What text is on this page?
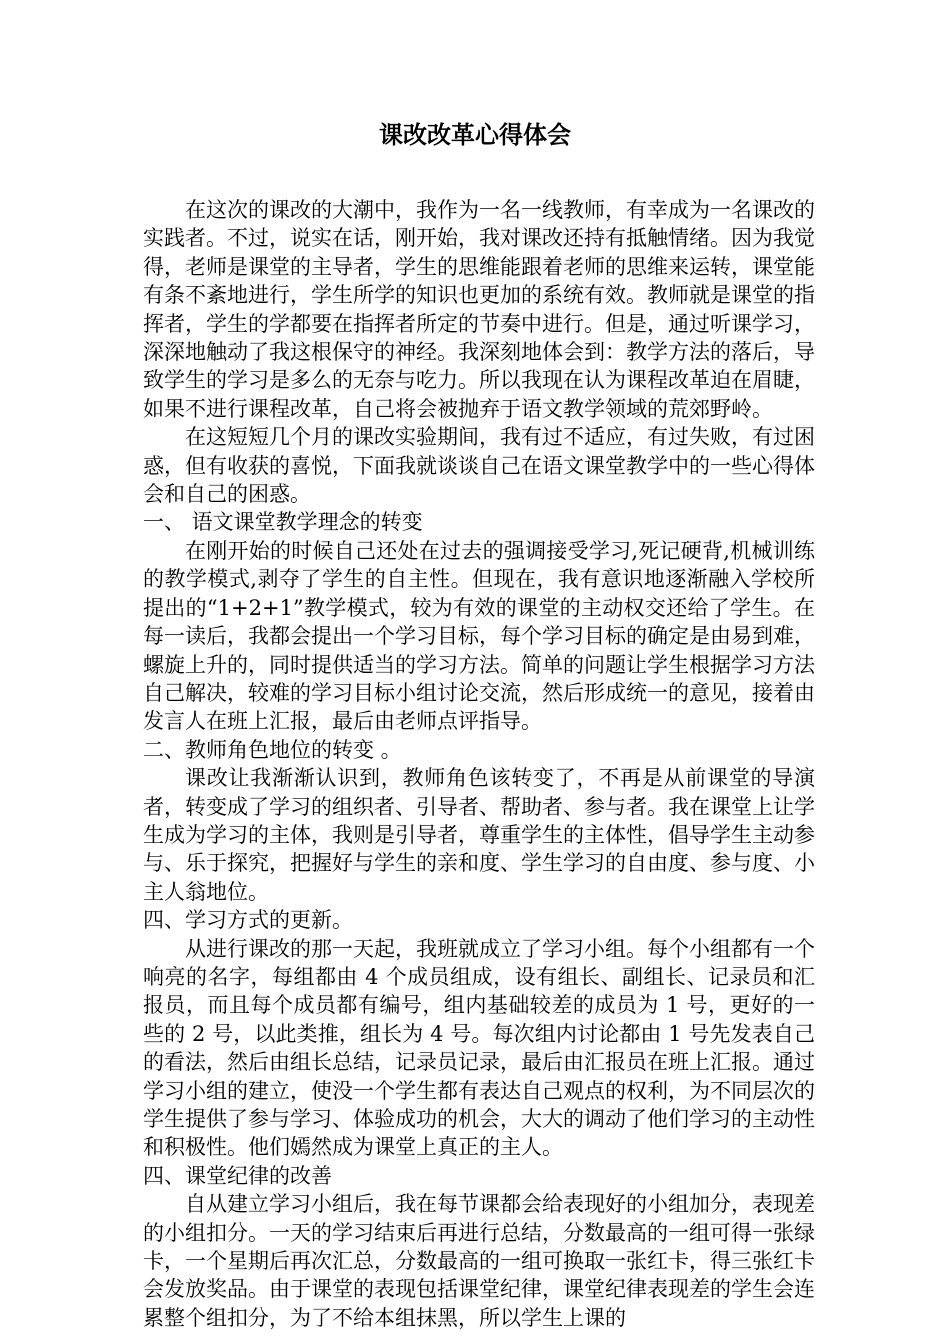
课改改革心得体会

在这次的课改的大潮中，我作为一名一线教师，有幸成为一名课改的实践者。不过，说实在话，刚开始，我对课改还持有抵触情绪。因为我觉得，老师是课堂的主导者，学生的思维能跟着老师的思维来运转，课堂能有条不紊地进行，学生所学的知识也更加的系统有效。教师就是课堂的指挥者，学生的学都要在指挥者所定的节奏中进行。但是，通过听课学习，深深地触动了我这根保守的神经。我深刻地体会到：教学方法的落后，导致学生的学习是多么的无奈与吃力。所以我现在认为课程改革迫在眉睫，如果不进行课程改革，自己将会被抛弃于语文教学领域的荒郊野岭。

在这短短几个月的课改实验期间，我有过不适应，有过失败，有过困惑，但有收获的喜悦，下面我就谈谈自己在语文课堂教学中的一些心得体会和自己的困惑。

一、 语文课堂教学理念的转变

在刚开始的时候自己还处在过去的强调接受学习,死记硬背,机械训练的教学模式,剥夺了学生的自主性。但现在，我有意识地逐渐融入学校所提出的“1+2+1”教学模式，较为有效的课堂的主动权交还给了学生。在每一读后，我都会提出一个学习目标，每个学习目标的确定是由易到难，螺旋上升的，同时提供适当的学习方法。简单的问题让学生根据学习方法自己解决，较难的学习目标小组讨论交流，然后形成统一的意见，接着由发言人在班上汇报，最后由老师点评指导。

二、教师角色地位的转变 。

课改让我渐渐认识到，教师角色该转变了，不再是从前课堂的导演者，转变成了学习的组织者、引导者、帮助者、参与者。我在课堂上让学生成为学习的主体，我则是引导者，尊重学生的主体性，倡导学生主动参与、乐于探究，把握好与学生的亲和度、学生学习的自由度、参与度、小主人翁地位。

四、学习方式的更新。

从进行课改的那一天起，我班就成立了学习小组。每个小组都有一个响亮的名字，每组都由 4 个成员组成，设有组长、副组长、记录员和汇报员，而且每个成员都有编号，组内基础较差的成员为 1 号，更好的一些的 2 号，以此类推，组长为 4 号。每次组内讨论都由 1 号先发表自己的看法，然后由组长总结，记录员记录，最后由汇报员在班上汇报。通过学习小组的建立，使没一个学生都有表达自己观点的权利，为不同层次的学生提供了参与学习、体验成功的机会，大大的调动了他们学习的主动性和积极性。他们嫣然成为课堂上真正的主人。

四、课堂纪律的改善

自从建立学习小组后，我在每节课都会给表现好的小组加分，表现差的小组扣分。一天的学习结束后再进行总结，分数最高的一组可得一张绿卡，一个星期后再次汇总，分数最高的一组可换取一张红卡，得三张红卡会发放奖品。由于课堂的表现包括课堂纪律，课堂纪律表现差的学生会连累整个组扣分，为了不给本组抹黑，所以学生上课的
